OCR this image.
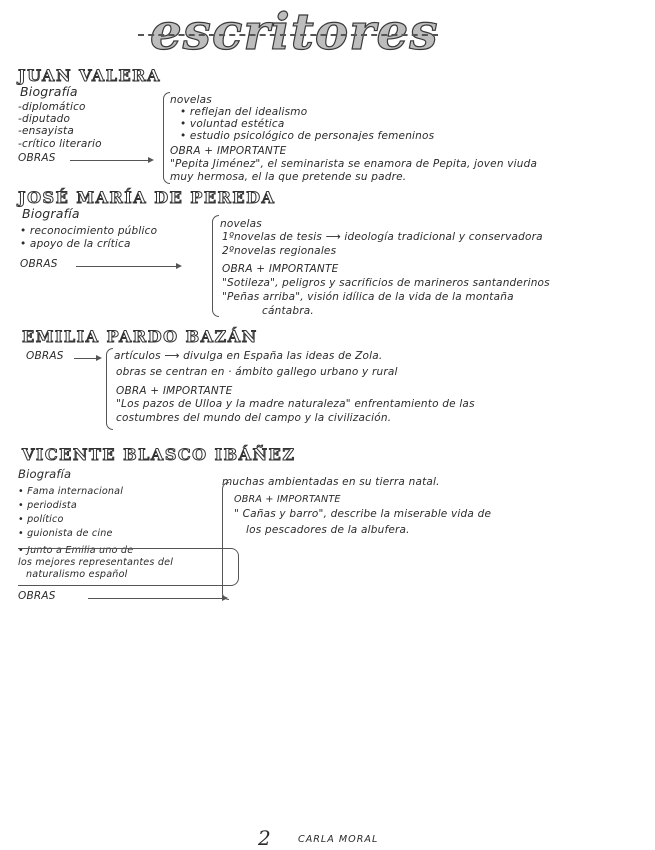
escritores
JUAN VALERA
Biografía
-diplomático
-diputado
-ensayista
-crítico literario
OBRAS
novelas
• reflejan del idealismo
• voluntad estética
• estudio psicológico de personajes femeninos
OBRA + IMPORTANTE
"Pepita Jiménez", el seminarista se enamora de Pepita, joven viuda
muy hermosa, el la que pretende su padre.
JOSÉ MARÍA DE PEREDA
Biografía
• reconocimiento público
• apoyo de la crítica
OBRAS
novelas
1ºnovelas de tesis ⟶ ideología tradicional y conservadora
2ºnovelas regionales
OBRA + IMPORTANTE
"Sotileza", peligros y sacrificios de marineros santanderinos
"Peñas arriba", visión idílica de la vida de la montaña
cántabra.
EMILIA PARDO BAZÁN
OBRAS	artículos ⟶ divulga en España las ideas de Zola.
obras se centran en · ámbito gallego urbano y rural
OBRA + IMPORTANTE
"Los pazos de Ulloa y la madre naturaleza" enfrentamiento de las
costumbres del mundo del campo y la civilización.
VICENTE BLASCO IBÁÑEZ
Biografía
• Fama internacional
• periodista
• político
• guionista de cine
• Junto a Emilia uno de
los mejores representantes del
naturalismo español
OBRAS
muchas ambientadas en su tierra natal.
OBRA + IMPORTANTE
" Cañas y barro", describe la miserable vida de
los pescadores de la albufera.
2	CARLA MORAL
